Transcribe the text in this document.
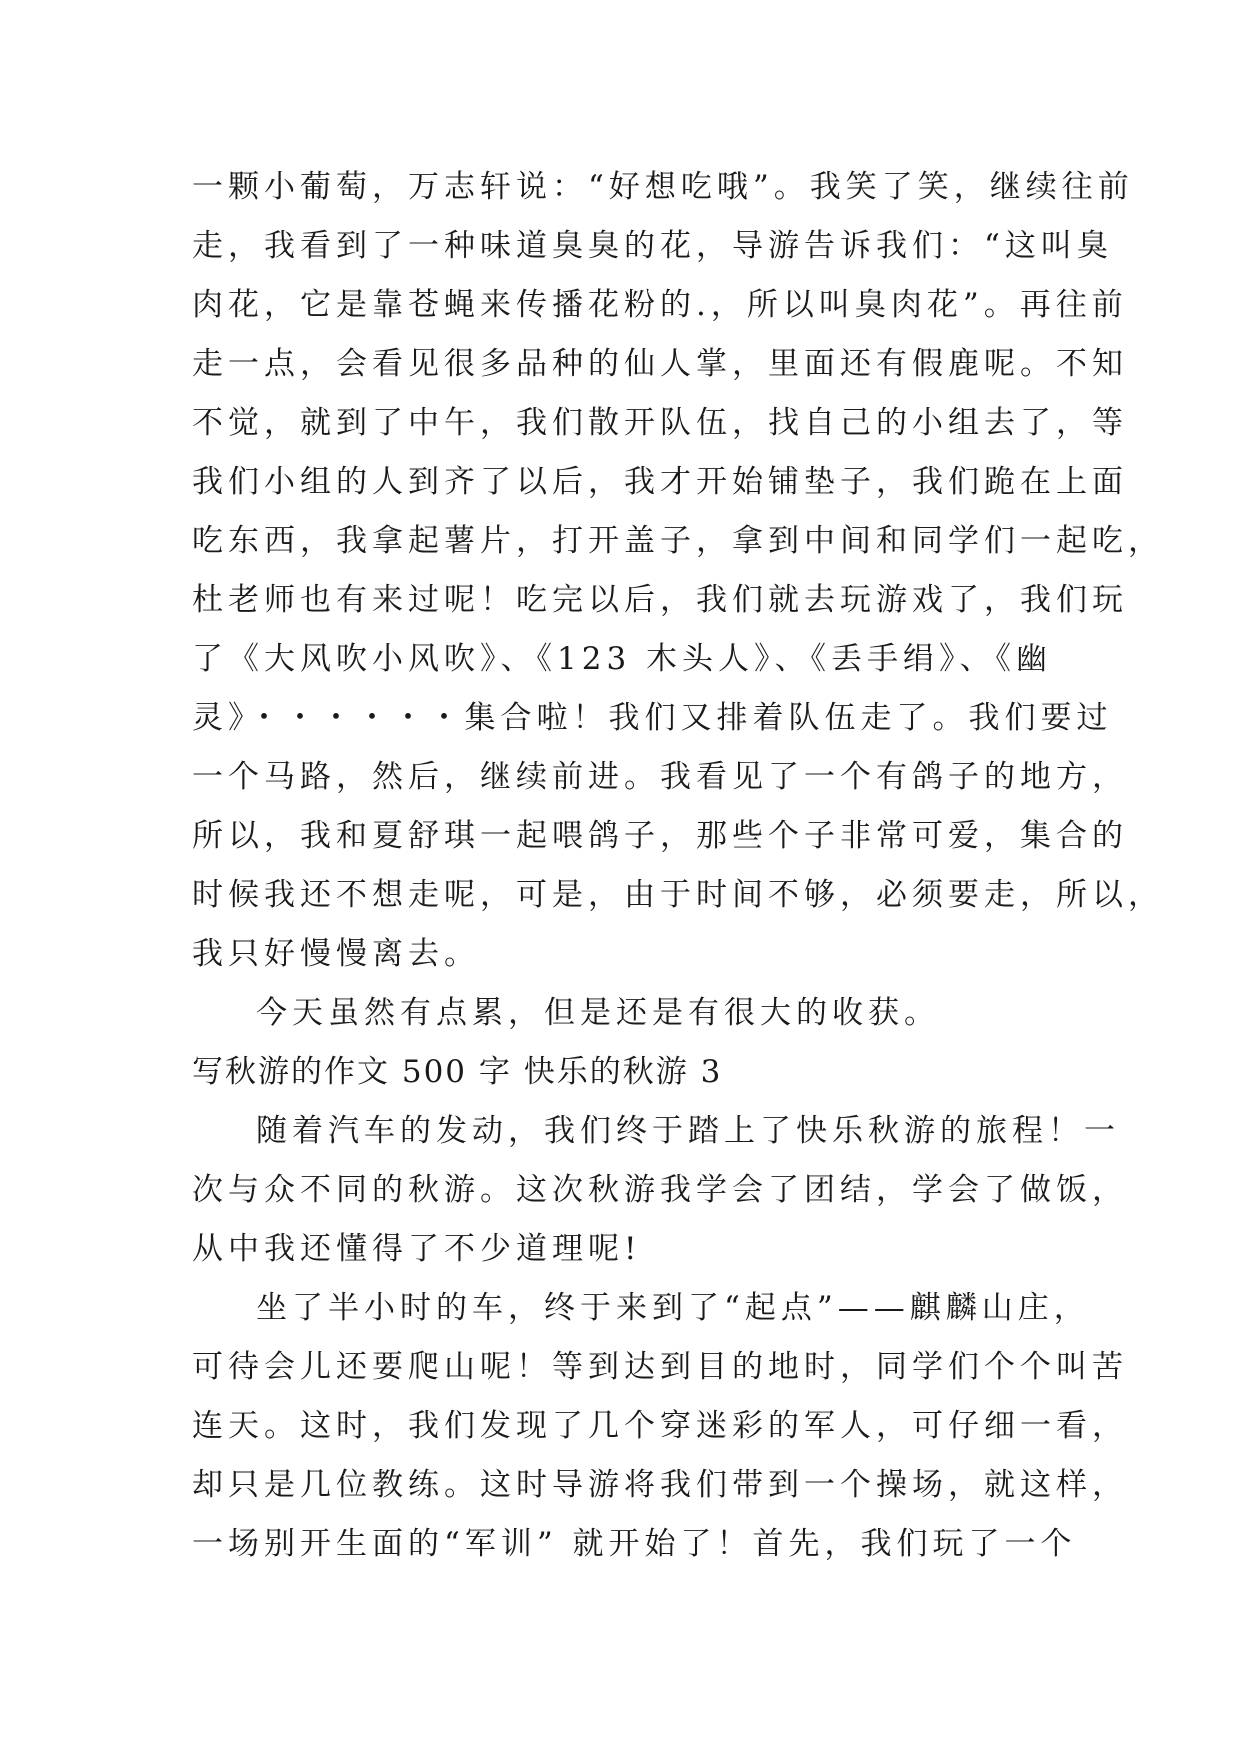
一颗小葡萄，万志轩说：“好想吃哦”。我笑了笑，继续往前
走，我看到了一种味道臭臭的花，导游告诉我们：“这叫臭
肉花，它是靠苍蝇来传播花粉的.，所以叫臭肉花”。再往前
走一点，会看见很多品种的仙人掌，里面还有假鹿呢。不知
不觉，就到了中午，我们散开队伍，找自己的小组去了，等
我们小组的人到齐了以后，我才开始铺垫子，我们跪在上面
吃东西，我拿起薯片，打开盖子，拿到中间和同学们一起吃，
杜老师也有来过呢！吃完以后，我们就去玩游戏了，我们玩
了《大风吹小风吹》、《123 木头人》、《丢手绢》、《幽
灵》・・・・・・集合啦！我们又排着队伍走了。我们要过
一个马路，然后，继续前进。我看见了一个有鸽子的地方，
所以，我和夏舒琪一起喂鸽子，那些个子非常可爱，集合的
时候我还不想走呢，可是，由于时间不够，必须要走，所以，
我只好慢慢离去。
今天虽然有点累，但是还是有很大的收获。
写秋游的作文 500 字 快乐的秋游 3
随着汽车的发动，我们终于踏上了快乐秋游的旅程！一
次与众不同的秋游。这次秋游我学会了团结，学会了做饭，
从中我还懂得了不少道理呢!
坐了半小时的车，终于来到了“起点”——麒麟山庄，
可待会儿还要爬山呢！等到达到目的地时，同学们个个叫苦
连天。这时，我们发现了几个穿迷彩的军人，可仔细一看，
却只是几位教练。这时导游将我们带到一个操场，就这样，
一场别开生面的“军训” 就开始了！首先，我们玩了一个
